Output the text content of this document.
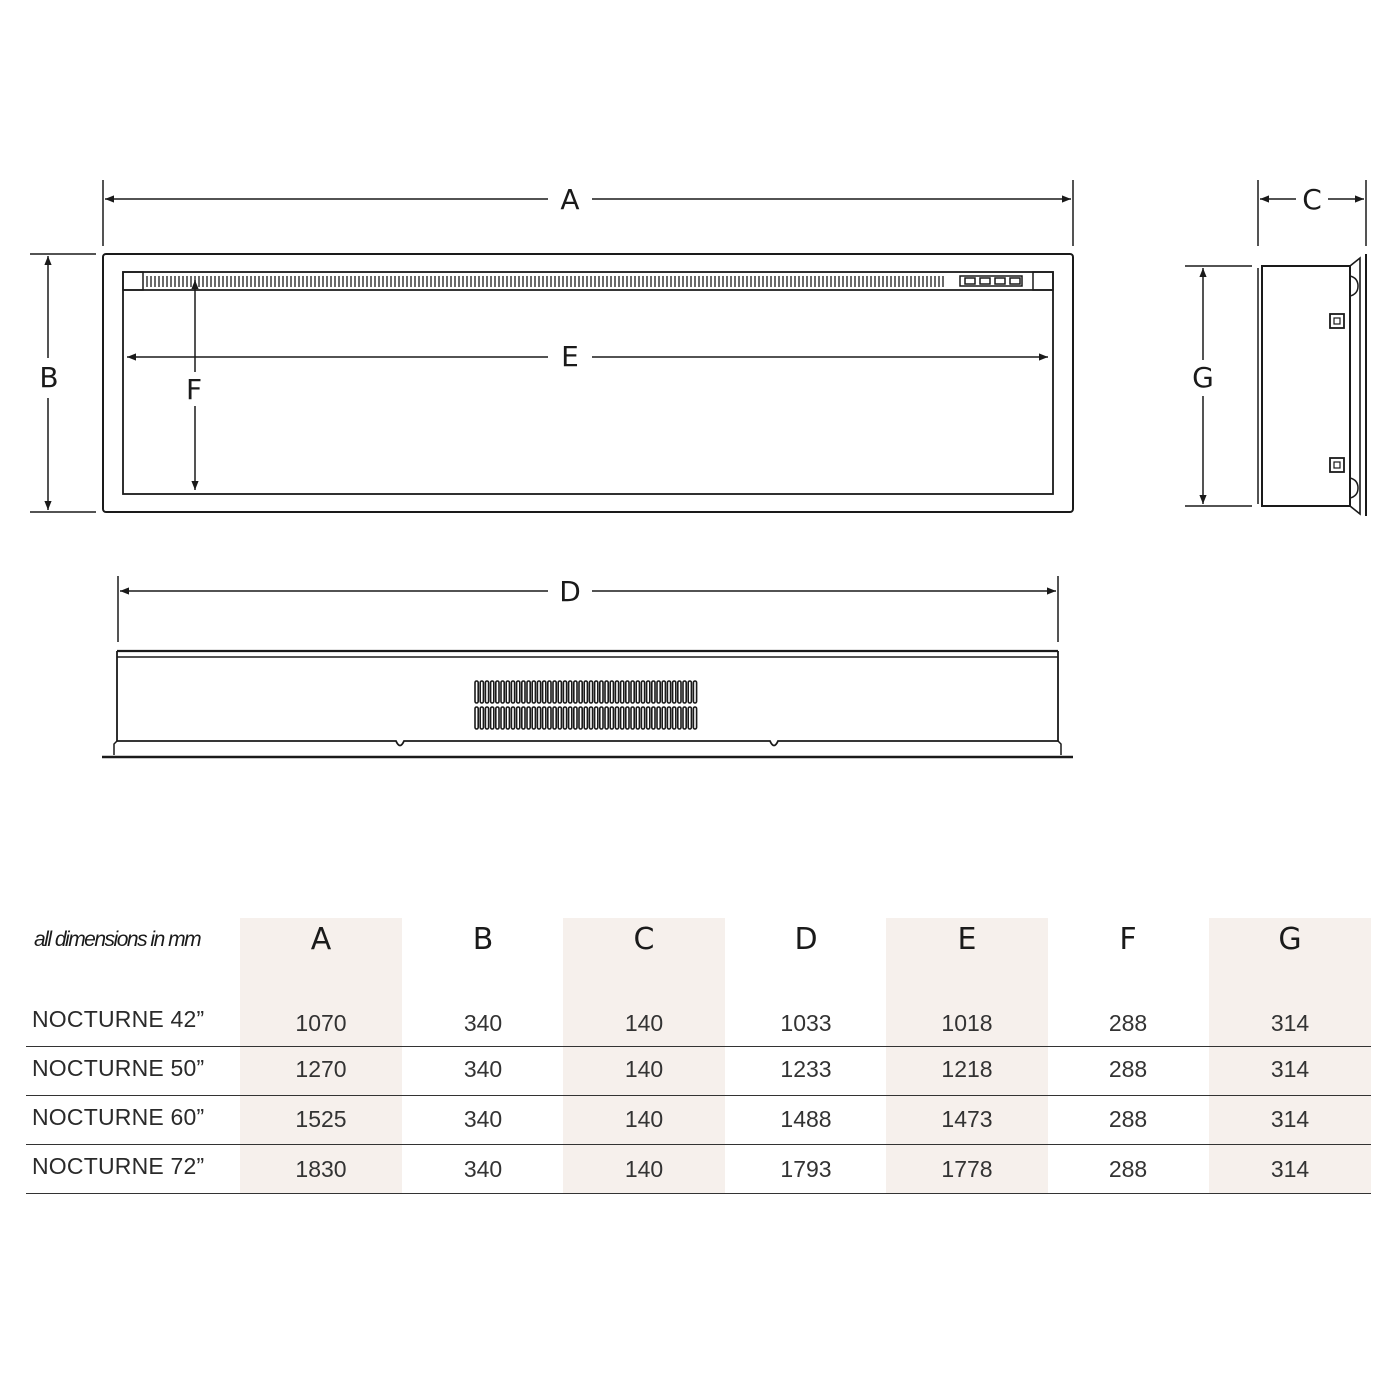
A
B
E
F
C
G
D
all dimensions in mm	A	B	C	D	E	F	G
NOCTURNE 42”	1070	340	140	1033	1018	288	314
NOCTURNE 50”	1270	340	140	1233	1218	288	314
NOCTURNE 60”	1525	340	140	1488	1473	288	314
NOCTURNE 72”	1830	340	140	1793	1778	288	314
